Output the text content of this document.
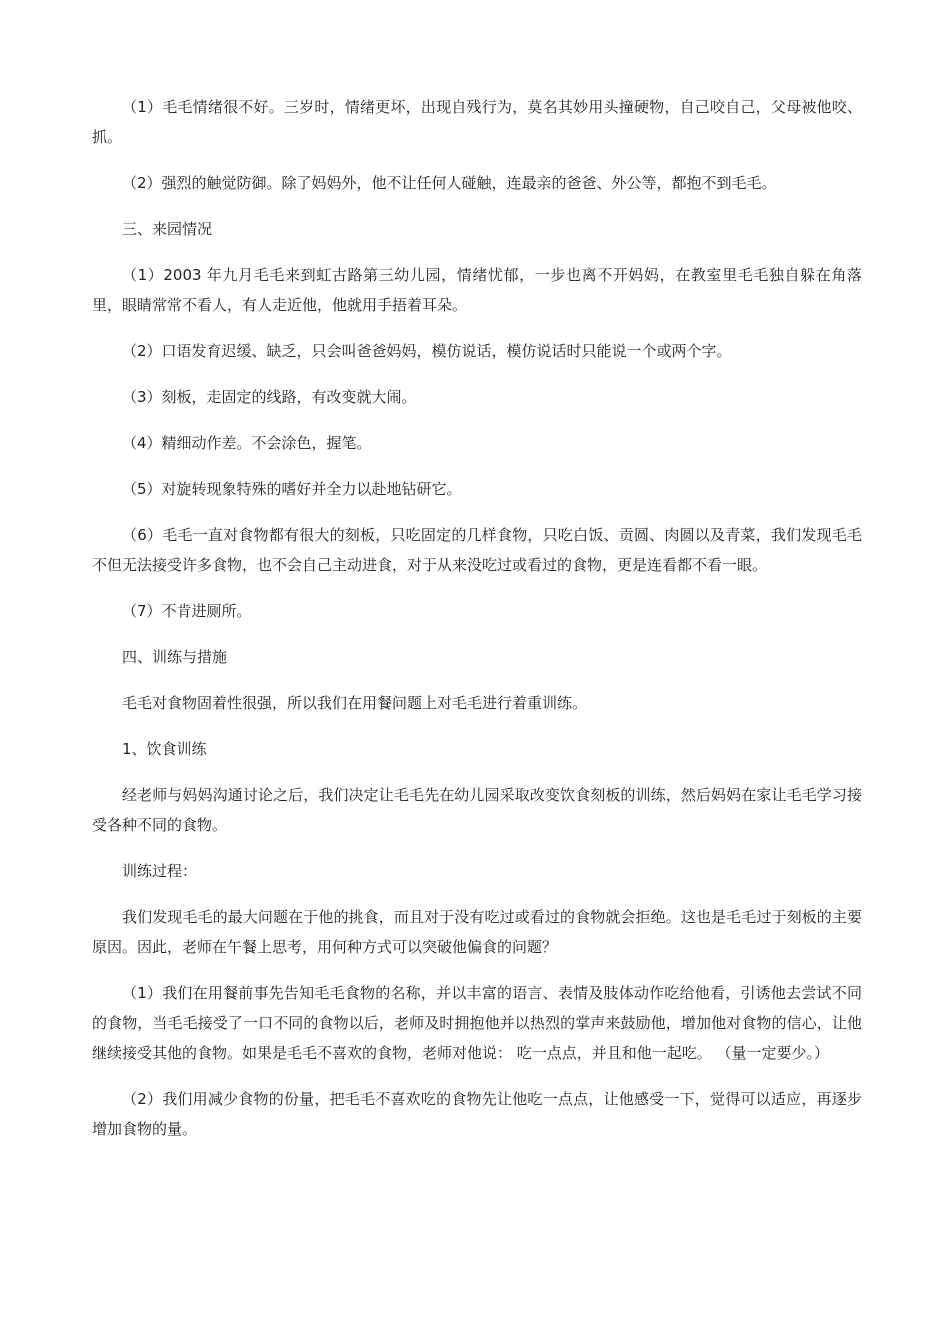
（1）毛毛情绪很不好。三岁时，情绪更坏，出现自残行为，莫名其妙用头撞硬物，自己咬自己，父母被他咬、抓。

（2）强烈的触觉防御。除了妈妈外，他不让任何人碰触，连最亲的爸爸、外公等，都抱不到毛毛。

三、来园情况

（1）2003 年九月毛毛来到虹古路第三幼儿园，情绪忧郁，一步也离不开妈妈，在教室里毛毛独自躲在角落里，眼睛常常不看人，有人走近他，他就用手捂着耳朵。

（2）口语发育迟缓、缺乏，只会叫爸爸妈妈，模仿说话，模仿说话时只能说一个或两个字。

（3）刻板，走固定的线路，有改变就大闹。

（4）精细动作差。不会涂色，握笔。

（5）对旋转现象特殊的嗜好并全力以赴地钻研它。

（6）毛毛一直对食物都有很大的刻板，只吃固定的几样食物，只吃白饭、贡圆、肉圆以及青菜，我们发现毛毛不但无法接受许多食物，也不会自己主动进食，对于从来没吃过或看过的食物，更是连看都不看一眼。

（7）不肯进厕所。

四、训练与措施

毛毛对食物固着性很强，所以我们在用餐问题上对毛毛进行着重训练。

1、饮食训练

经老师与妈妈沟通讨论之后，我们决定让毛毛先在幼儿园采取改变饮食刻板的训练，然后妈妈在家让毛毛学习接受各种不同的食物。

训练过程：

我们发现毛毛的最大问题在于他的挑食，而且对于没有吃过或看过的食物就会拒绝。这也是毛毛过于刻板的主要原因。因此，老师在午餐上思考，用何种方式可以突破他偏食的问题？

（1）我们在用餐前事先告知毛毛食物的名称，并以丰富的语言、表情及肢体动作吃给他看，引诱他去尝试不同的食物，当毛毛接受了一口不同的食物以后，老师及时拥抱他并以热烈的掌声来鼓励他，增加他对食物的信心，让他继续接受其他的食物。如果是毛毛不喜欢的食物，老师对他说： 吃一点点，并且和他一起吃。 （量一定要少。）

（2）我们用减少食物的份量，把毛毛不喜欢吃的食物先让他吃一点点，让他感受一下，觉得可以适应，再逐步增加食物的量。
